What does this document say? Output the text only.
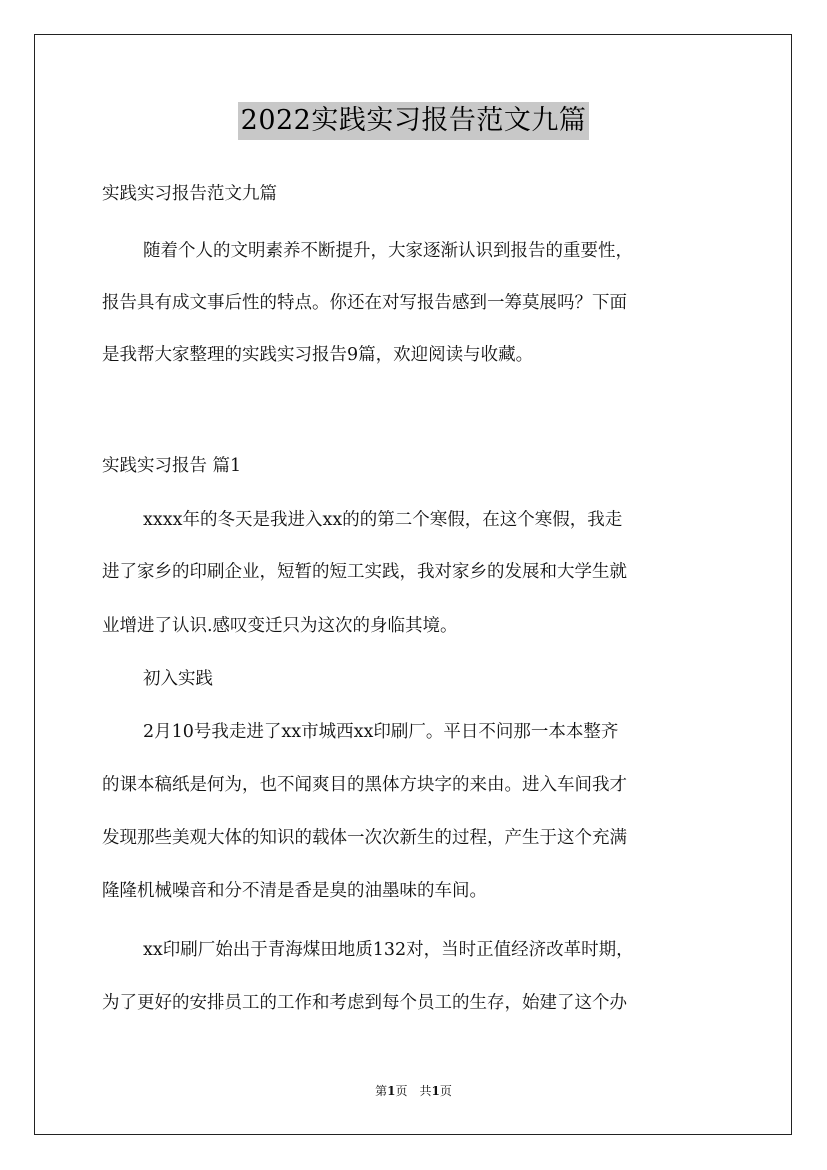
2022实践实习报告范文九篇
实践实习报告范文九篇
随着个人的文明素养不断提升，大家逐渐认识到报告的重要性，
报告具有成文事后性的特点。你还在对写报告感到一筹莫展吗？下面
是我帮大家整理的实践实习报告9篇，欢迎阅读与收藏。
实践实习报告 篇1
xxxx年的冬天是我进入xx的的第二个寒假，在这个寒假，我走
进了家乡的印刷企业，短暂的短工实践，我对家乡的发展和大学生就
业增进了认识.感叹变迁只为这次的身临其境。
初入实践
2月10号我走进了xx市城西xx印刷厂。平日不问那一本本整齐
的课本稿纸是何为，也不闻爽目的黑体方块字的来由。进入车间我才
发现那些美观大体的知识的载体一次次新生的过程，产生于这个充满
隆隆机械噪音和分不清是香是臭的油墨味的车间。
xx印刷厂始出于青海煤田地质132对，当时正值经济改革时期，
为了更好的安排员工的工作和考虑到每个员工的生存，始建了这个办
第1页　共1页
